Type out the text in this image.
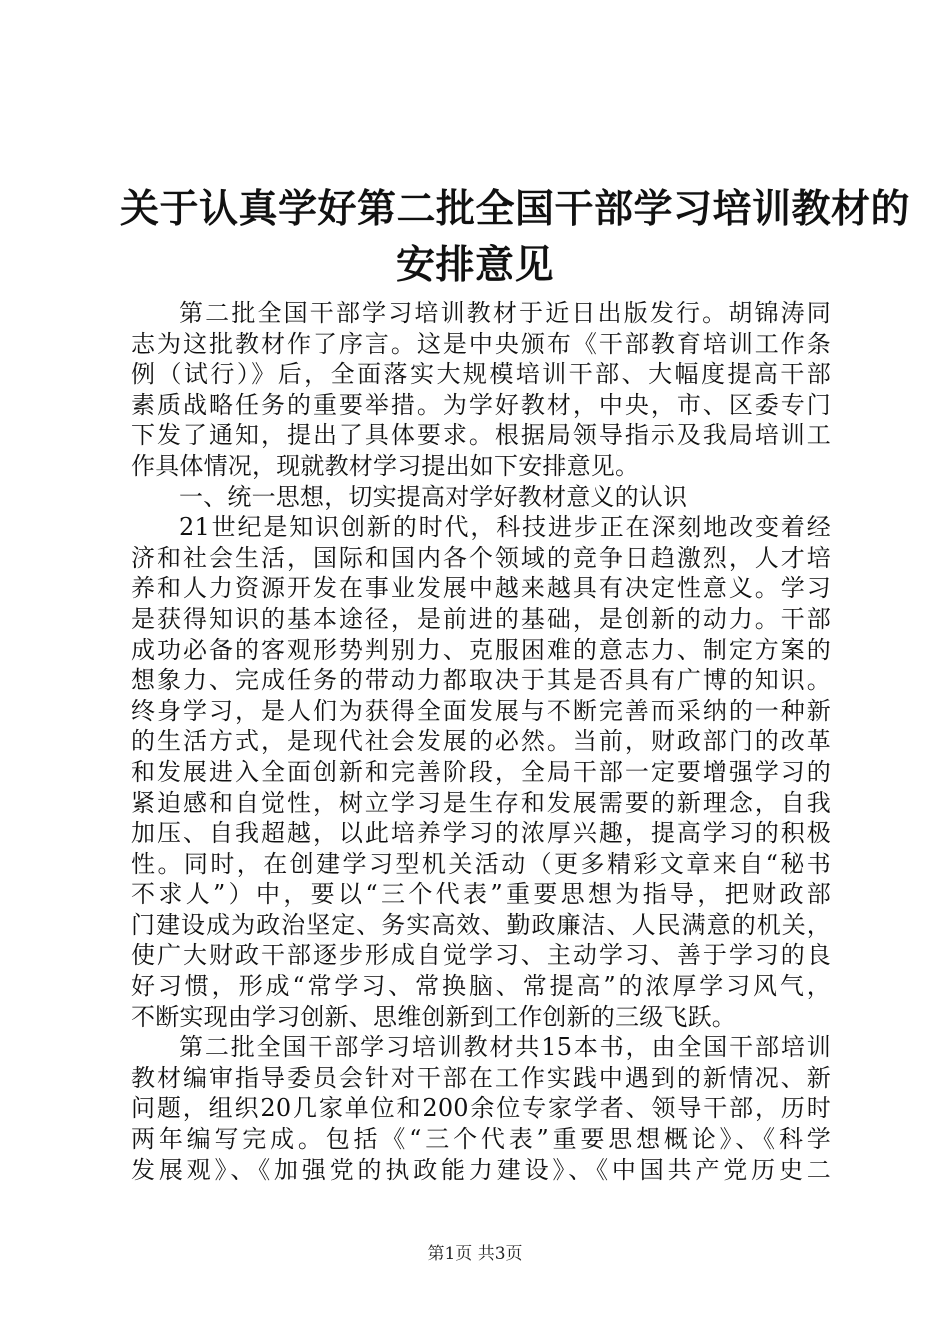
关于认真学好第二批全国干部学习培训教材的
安排意见
第二批全国干部学习培训教材于近日出版发行。胡锦涛同
志为这批教材作了序言。这是中央颁布《干部教育培训工作条
例（试行）》后，全面落实大规模培训干部、大幅度提高干部
素质战略任务的重要举措。为学好教材，中央，市、区委专门
下发了通知，提出了具体要求。根据局领导指示及我局培训工
作具体情况，现就教材学习提出如下安排意见。
一、统一思想，切实提高对学好教材意义的认识
21世纪是知识创新的时代，科技进步正在深刻地改变着经
济和社会生活，国际和国内各个领域的竞争日趋激烈，人才培
养和人力资源开发在事业发展中越来越具有决定性意义。学习
是获得知识的基本途径，是前进的基础，是创新的动力。干部
成功必备的客观形势判别力、克服困难的意志力、制定方案的
想象力、完成任务的带动力都取决于其是否具有广博的知识。
终身学习，是人们为获得全面发展与不断完善而采纳的一种新
的生活方式，是现代社会发展的必然。当前，财政部门的改革
和发展进入全面创新和完善阶段，全局干部一定要增强学习的
紧迫感和自觉性，树立学习是生存和发展需要的新理念，自我
加压、自我超越，以此培养学习的浓厚兴趣，提高学习的积极
性。同时，在创建学习型机关活动（更多精彩文章来自“秘书
不求人”）中，要以“三个代表”重要思想为指导，把财政部
门建设成为政治坚定、务实高效、勤政廉洁、人民满意的机关，
使广大财政干部逐步形成自觉学习、主动学习、善于学习的良
好习惯，形成“常学习、常换脑、常提高”的浓厚学习风气，
不断实现由学习创新、思维创新到工作创新的三级飞跃。
第二批全国干部学习培训教材共15本书，由全国干部培训
教材编审指导委员会针对干部在工作实践中遇到的新情况、新
问题，组织20几家单位和200余位专家学者、领导干部，历时
两年编写完成。包括《“三个代表”重要思想概论》、《科学
发展观》、《加强党的执政能力建设》、《中国共产党历史二
第1页 共3页
